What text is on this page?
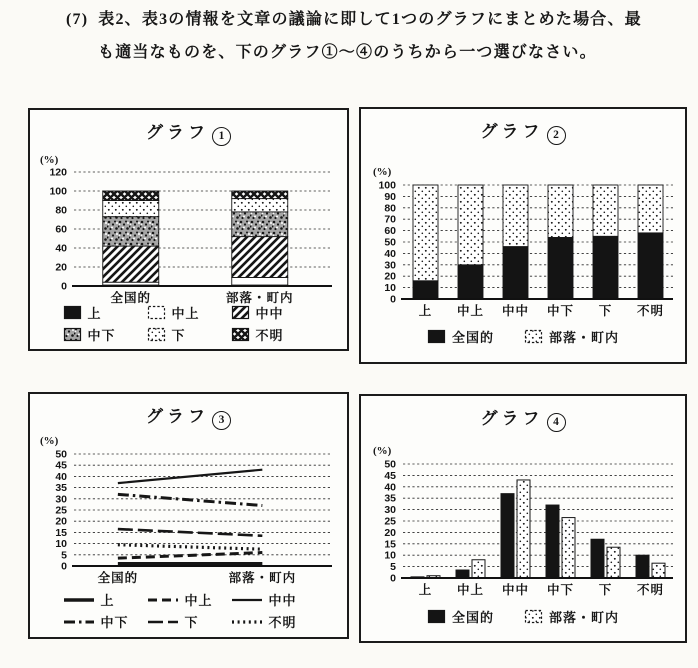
(7) 表2、表3の情報を文章の議論に即して1つのグラフにまとめた場合、最
も適当なものを、下のグラフ①～④のうちから一つ選びなさい。
0
20
40
60
80
100
120
全国的	部落・町内
グラフ 1
(%)
上	中上	中中
中下	下	不明
0
10
20
30
40
50
60
70
80
90
100
上 中上 中中 中下 下 不明
グラフ 2
(%)
全国的	部落・町内
0
5
10
15
20
25
30
35
40
45
50
全国的	部落・町内
グラフ 3
(%)
上	中上	中中
中下	下	不明
0
5
10
15
20
25
30
35
40
45
50
上 中上 中中 中下 下 不明
グラフ 4
(%)
全国的	部落・町内
